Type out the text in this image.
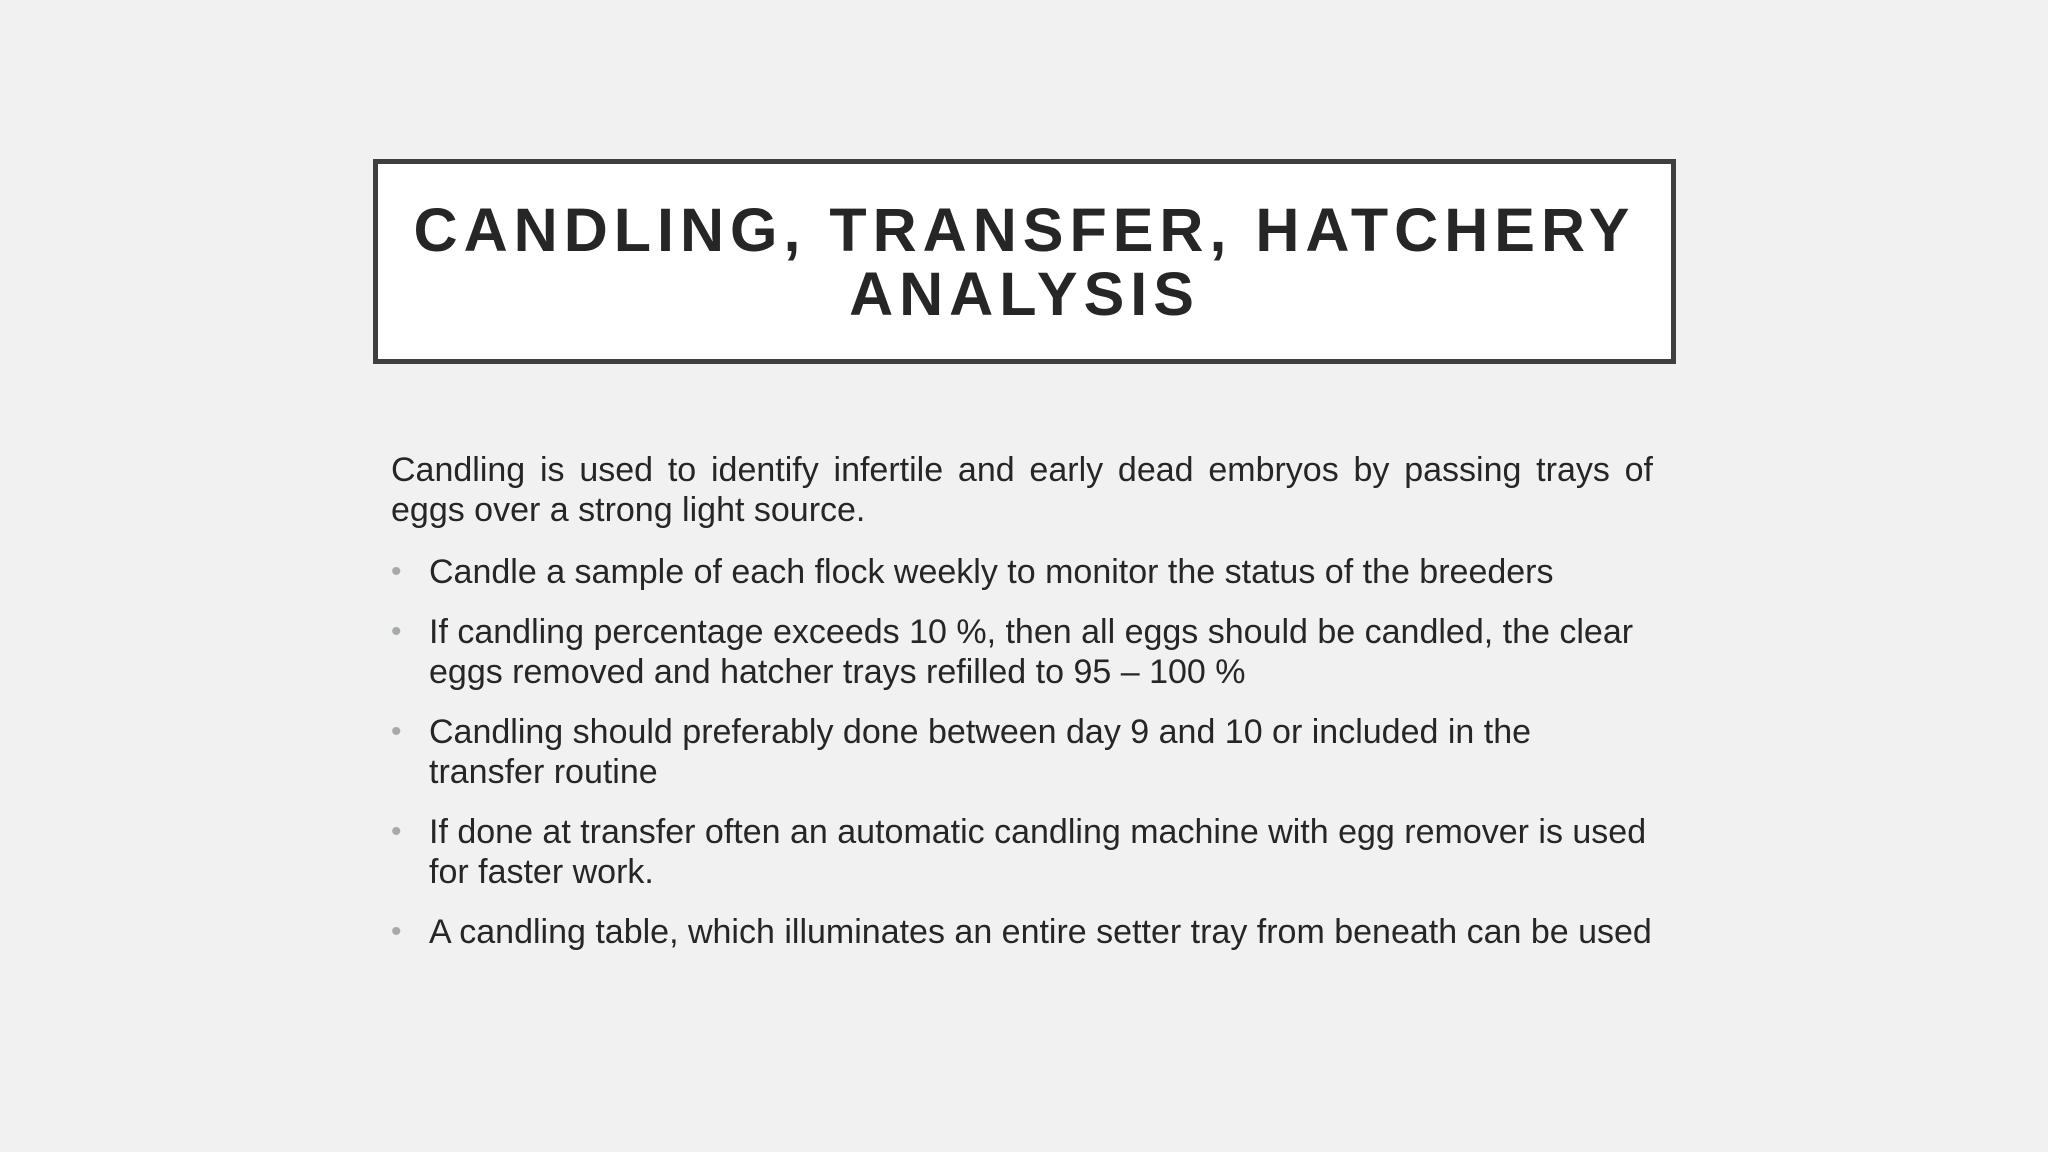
CANDLING, TRANSFER, HATCHERY ANALYSIS

Candling is used to identify infertile and early dead embryos by passing trays of eggs over a strong light source.

• Candle a sample of each flock weekly to monitor the status of the breeders
• If candling percentage exceeds 10 %, then all eggs should be candled, the clear eggs removed and hatcher trays refilled to 95 – 100 %
• Candling should preferably done between day 9 and 10 or included in the transfer routine
• If done at transfer often an automatic candling machine with egg remover is used for faster work.
• A candling table, which illuminates an entire setter tray from beneath can be used
